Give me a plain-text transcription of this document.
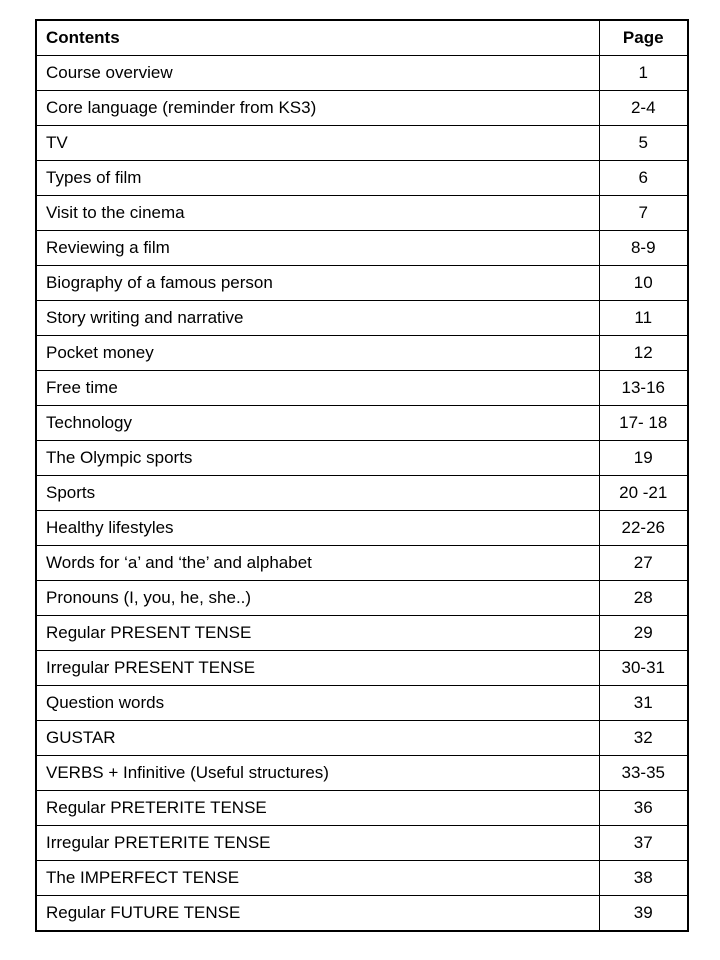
Contents	Page
Course overview	1
Core language (reminder from KS3)	2-4
TV	5
Types of film	6
Visit to the cinema	7
Reviewing a film	8-9
Biography of a famous person	10
Story writing and narrative	11
Pocket money	12
Free time	13-16
Technology	17- 18
The Olympic sports	19
Sports	20 -21
Healthy lifestyles	22-26
Words for ‘a’ and ‘the’ and alphabet	27
Pronouns (I, you, he, she..)	28
Regular PRESENT TENSE	29
Irregular PRESENT TENSE	30-31
Question words	31
GUSTAR	32
VERBS + Infinitive (Useful structures)	33-35
Regular PRETERITE TENSE	36
Irregular PRETERITE TENSE	37
The IMPERFECT TENSE	38
Regular FUTURE TENSE	39
